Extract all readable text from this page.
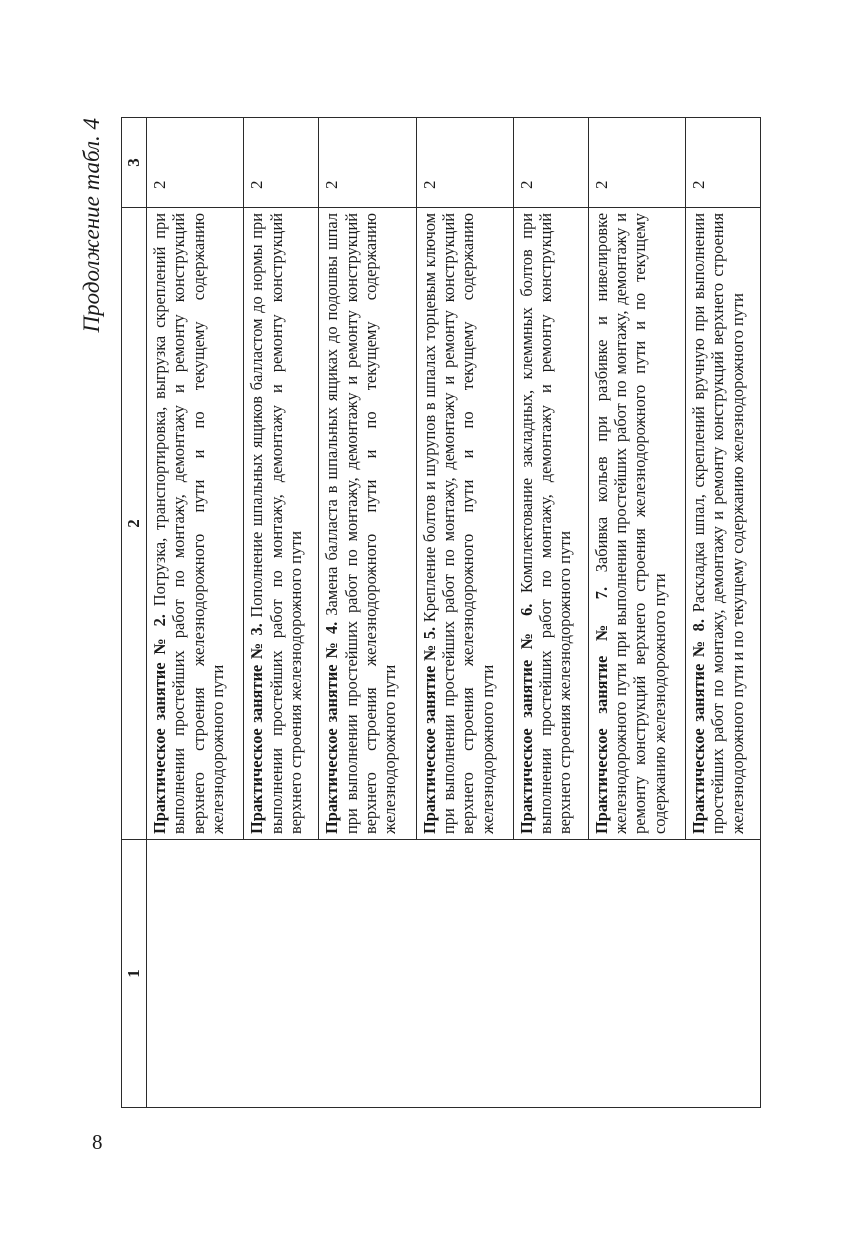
8
Продолжение табл. 4
1	2	3
	Практическое занятие № 2. Погрузка, транспортировка, выгрузка скреплений при выполнении простейших работ по монтажу, демонтажу и ремонту конструкций верхнего строения железнодорожного пути и по текущему содержанию железнодорожного пути	2
	Практическое занятие № 3. Пополнение шпальных ящиков балластом до нормы при выполнении простейших работ по монтажу, демонтажу и ремонту конструкций верхнего строения железнодорожного пути	2
	Практическое занятие № 4. Замена балласта в шпальных ящиках до подошвы шпал при выполнении простейших работ по монтажу, демонтажу и ремонту конструкций верхнего строения железнодорожного пути и по текущему содержанию железнодорожного пути	2
	Практическое занятие № 5. Крепление болтов и шурупов в шпалах торцевым ключом при выполнении простейших работ по монтажу, демонтажу и ремонту конструкций верхнего строения железнодорожного пути и по текущему содержанию железнодорожного пути	2
	Практическое занятие № 6. Комплектование закладных, клеммных болтов при выполнении простейших работ по монтажу, демонтажу и ремонту конструкций верхнего строения железнодорожного пути	2
	Практическое занятие № 7. Забивка кольев при разбивке и нивелировке железнодорожного пути при выполнении простейших работ по монтажу, демонтажу и ремонту конструкций верхнего строения железнодорожного пути и по текущему содержанию железнодорожного пути	2
	Практическое занятие № 8. Раскладка шпал, скреплений вручную при выполнении простейших работ по монтажу, демонтажу и ремонту конструкций верхнего строения железнодорожного пути и по текущему содержанию железнодорожного пути	2
